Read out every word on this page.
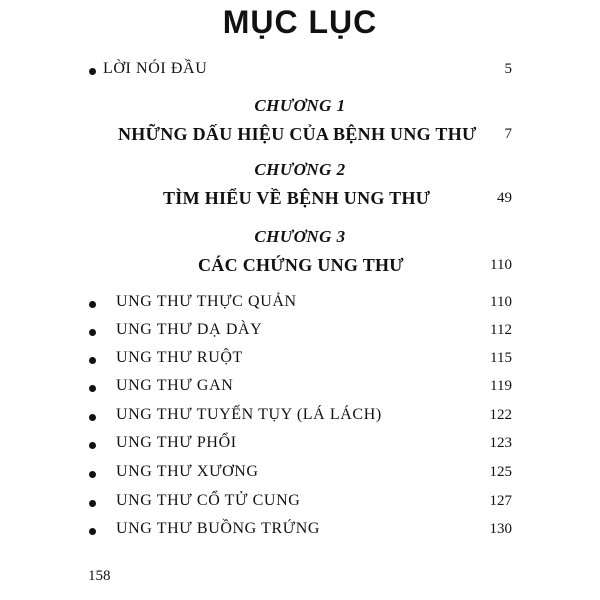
MỤC LỤC
LỜI NÓI ĐẦU	5
CHƯƠNG 1
NHỮNG DẤU HIỆU CỦA BỆNH UNG THƯ 7
CHƯƠNG 2
TÌM HIỂU VỀ BỆNH UNG THƯ	49
CHƯƠNG 3
CÁC CHỨNG UNG THƯ	110
UNG THƯ THỰC QUẢN	110
UNG THƯ DẠ DÀY	112
UNG THƯ RUỘT	115
UNG THƯ GAN	119
UNG THƯ TUYẾN TỤY (LÁ LÁCH)	122
UNG THƯ PHỔI	123
UNG THƯ XƯƠNG	125
UNG THƯ CỔ TỬ CUNG	127
UNG THƯ BUỒNG TRỨNG	130
158
